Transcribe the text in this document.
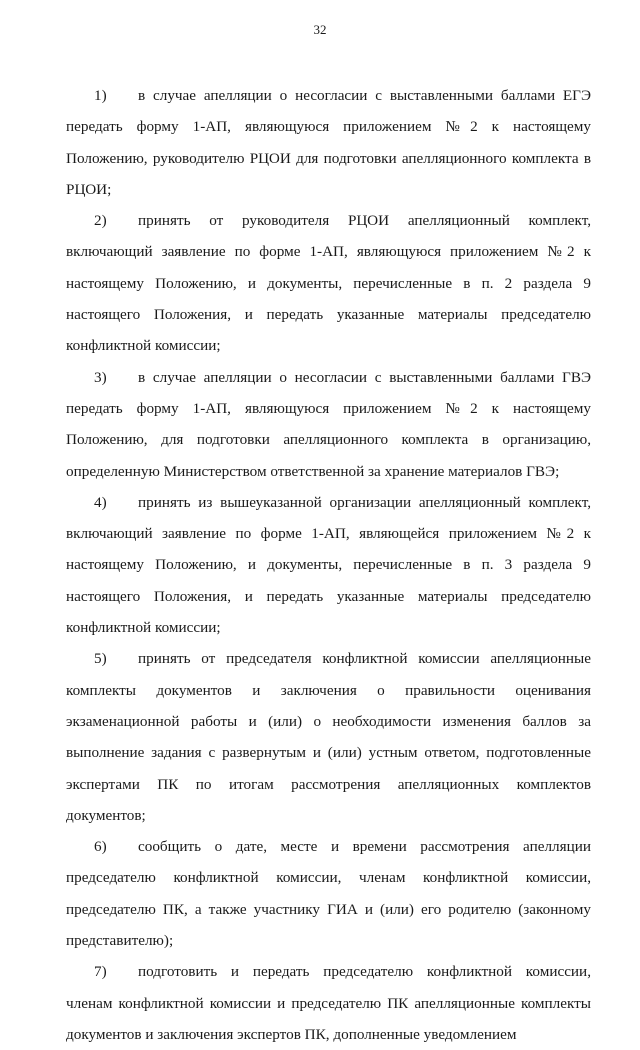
32

1) в случае апелляции о несогласии с выставленными баллами ЕГЭ передать форму 1-АП, являющуюся приложением №2 к настоящему Положению, руководителю РЦОИ для подготовки апелляционного комплекта в РЦОИ;

2) принять от руководителя РЦОИ апелляционный комплект, включающий заявление по форме 1-АП, являющуюся приложением №2 к настоящему Положению, и документы, перечисленные в п. 2 раздела 9 настоящего Положения, и передать указанные материалы председателю конфликтной комиссии;

3) в случае апелляции о несогласии с выставленными баллами ГВЭ передать форму 1-АП, являющуюся приложением №2 к настоящему Положению, для подготовки апелляционного комплекта в организацию, определенную Министерством ответственной за хранение материалов ГВЭ;

4) принять из вышеуказанной организации апелляционный комплект, включающий заявление по форме 1-АП, являющейся приложением №2 к настоящему Положению, и документы, перечисленные в п. 3 раздела 9 настоящего Положения, и передать указанные материалы председателю конфликтной комиссии;

5) принять от председателя конфликтной комиссии апелляционные комплекты документов и заключения о правильности оценивания экзаменационной работы и (или) о необходимости изменения баллов за выполнение задания с развернутым и (или) устным ответом, подготовленные экспертами ПК по итогам рассмотрения апелляционных комплектов документов;

6) сообщить о дате, месте и времени рассмотрения апелляции председателю конфликтной комиссии, членам конфликтной комиссии, председателю ПК, а также участнику ГИА и (или) его родителю (законному представителю);

7) подготовить и передать председателю конфликтной комиссии, членам конфликтной комиссии и председателю ПК апелляционные комплекты документов и заключения экспертов ПК, дополненные уведомлением
